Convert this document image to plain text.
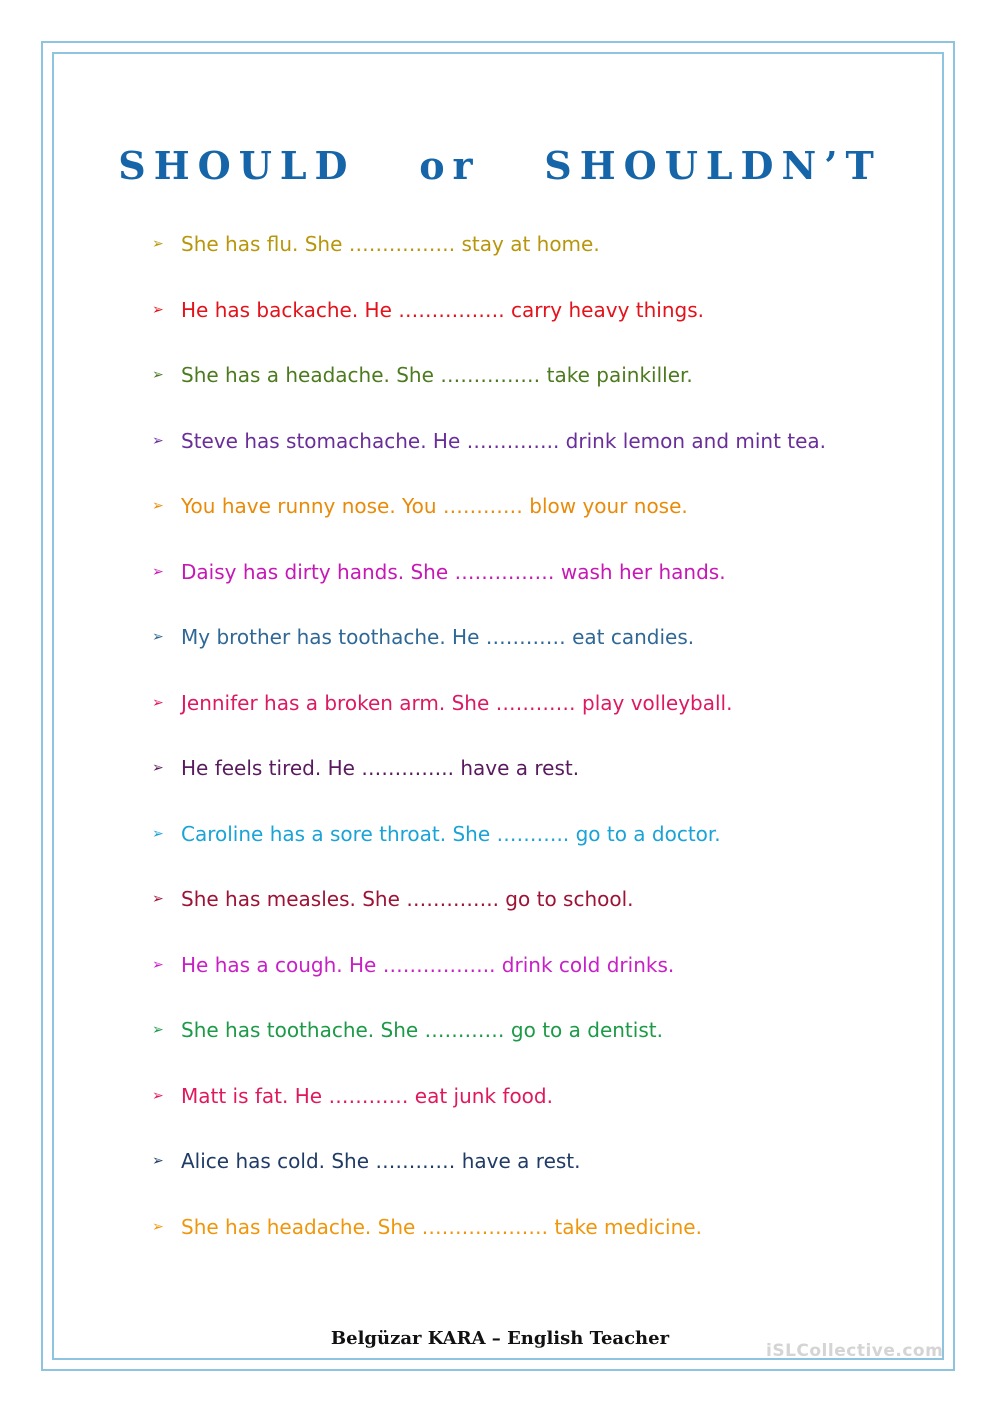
SHOULD   or   SHOULDN’T
➢ She has flu. She ……………. stay at home.
➢ He has backache. He ……………. carry heavy things.
➢ She has a headache. She …………… take painkiller.
➢ Steve has stomachache. He ………….. drink lemon and mint tea.
➢ You have runny nose. You ………… blow your nose.
➢ Daisy has dirty hands. She …………… wash her hands.
➢ My brother has toothache. He ………… eat candies.
➢ Jennifer has a broken arm. She ………… play volleyball.
➢ He feels tired. He ………….. have a rest.
➢ Caroline has a sore throat. She ……….. go to a doctor.
➢ She has measles. She ………….. go to school.
➢ He has a cough. He …………….. drink cold drinks.
➢ She has toothache. She ………… go to a dentist.
➢ Matt is fat. He ………… eat junk food.
➢ Alice has cold. She ………… have a rest.
➢ She has headache. She ………………. take medicine.
Belgüzar KARA – English Teacher
iSLCollective.com
